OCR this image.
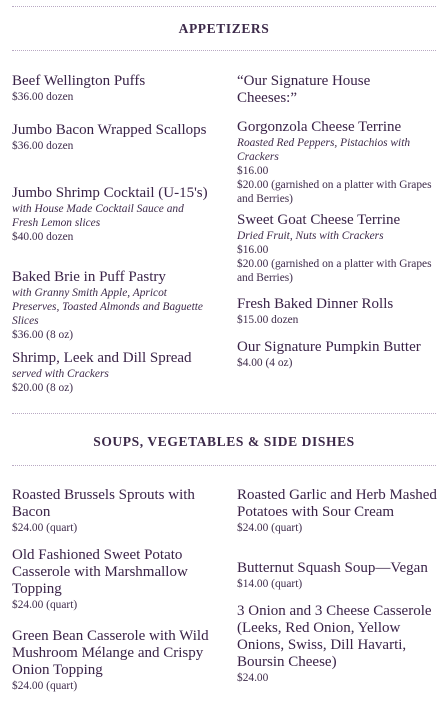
APPETIZERS
Beef Wellington Puffs
$36.00 dozen
Jumbo Bacon Wrapped Scallops
$36.00 dozen
Jumbo Shrimp Cocktail (U-15's)
with House Made Cocktail Sauce and Fresh Lemon slices
$40.00 dozen
Baked Brie in Puff Pastry
with Granny Smith Apple, Apricot Preserves, Toasted Almonds and Baguette Slices
$36.00 (8 oz)
Shrimp, Leek and Dill Spread
served with Crackers
$20.00 (8 oz)
“Our Signature House Cheeses:”
Gorgonzola Cheese Terrine
Roasted Red Peppers, Pistachios with Crackers
$16.00
$20.00 (garnished on a platter with Grapes and Berries)
Sweet Goat Cheese Terrine
Dried Fruit, Nuts with Crackers
$16.00
$20.00 (garnished on a platter with Grapes and Berries)
Fresh Baked Dinner Rolls
$15.00 dozen
Our Signature Pumpkin Butter
$4.00 (4 oz)
SOUPS, VEGETABLES & SIDE DISHES
Roasted Brussels Sprouts with Bacon
$24.00 (quart)
Old Fashioned Sweet Potato Casserole with Marshmallow Topping
$24.00 (quart)
Green Bean Casserole with Wild Mushroom Mélange and Crispy Onion Topping
$24.00 (quart)
Roasted Garlic and Herb Mashed Potatoes with Sour Cream
$24.00 (quart)
Butternut Squash Soup—Vegan
$14.00 (quart)
3 Onion and 3 Cheese Casserole (Leeks, Red Onion, Yellow Onions, Swiss, Dill Havarti, Boursin Cheese)
$24.00
